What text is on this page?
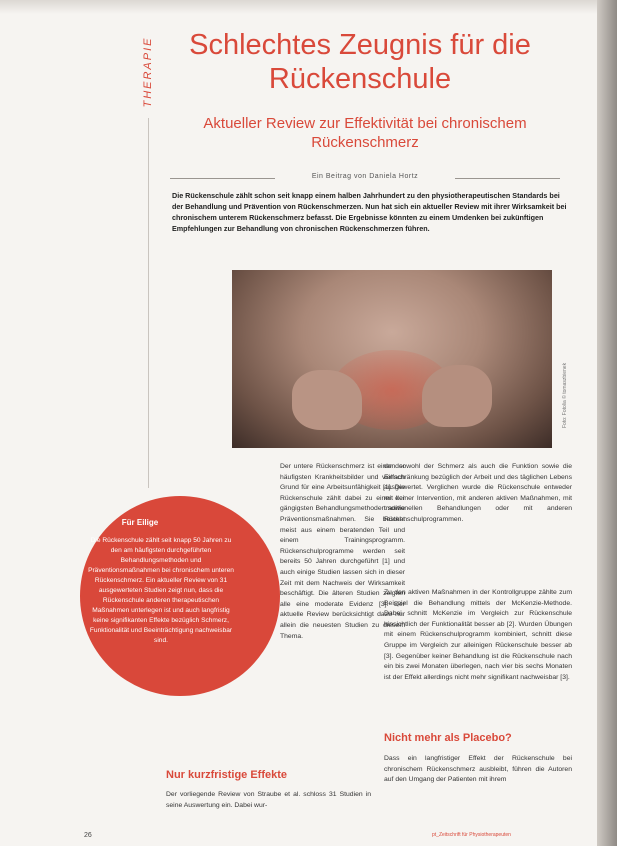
THERAPIE	Schlechtes Zeugnis für die
Rückenschule
Aktueller Review zur Effektivität bei chronischem
Rückenschmerz
Ein Beitrag von Daniela Hortz
Die Rückenschule zählt schon seit knapp einem halben Jahrhundert zu den physiotherapeutischen Standards bei der Behandlung und Prävention von Rückenschmerzen. Nun hat sich ein aktueller Review mit ihrer Wirksamkeit bei chronischem unterem Rückenschmerz befasst. Die Ergebnisse könnten zu einem Umdenken bei zukünftigen Empfehlungen zur Behandlung von chronischen Rückenschmerzen führen.
Foto: Fotolia © tomaszbienek
Für Eilige
Die Rückenschule zählt seit knapp 50 Jahren zu den am häufigsten durchgeführten Behandlungsmethoden und Präventionsmaßnahmen bei chronischem unteren Rückenschmerz. Ein aktueller Review von 31 ausgewerteten Studien zeigt nun, dass die Rückenschule anderen therapeutischen Maßnahmen unterlegen ist und auch langfristig keine signifikanten Effekte bezüglich Schmerz, Funktionalität und Beeinträchtigung nachweisbar sind.
Der untere Rückenschmerz ist einer der häufigsten Krankheitsbilder und vielfach Grund für eine Arbeitsunfähigkeit [1]. Die Rückenschule zählt dabei zu einer der gängigsten Behandlungsmethoden sowie Präventionsmaßnahmen. Sie besteht meist aus einem beratenden Teil und einem Trainingsprogramm. Rückenschulprogramme werden seit bereits 50 Jahren durchgeführt [1] und auch einige Studien lassen sich in dieser Zeit mit dem Nachweis der Wirksamkeit beschäftigt. Die älteren Studien zeigten alle eine moderate Evidenz [3]. Der aktuelle Review berücksichtigt dazu nur allein die neuesten Studien zu diesem Thema.
Nur kurzfristige Effekte
Der vorliegende Review von Straube et al. schloss 31 Studien in seine Auswertung ein. Dabei wur-
den sowohl der Schmerz als auch die Funktion sowie die Einschränkung bezüglich der Arbeit und des täglichen Lebens ausgewertet. Verglichen wurde die Rückenschule entweder mit keiner Intervention, mit anderen aktiven Maßnahmen, mit traditionellen Behandlungen oder mit anderen Rückenschulprogrammen.
Zu den aktiven Maßnahmen in der Kontrollgruppe zählte zum Beispiel die Behandlung mittels der McKenzie-Methode. Dabei schnitt McKenzie im Vergleich zur Rückenschule hinsichtlich der Funktionalität besser ab [2]. Wurden Übungen mit einem Rückenschulprogramm kombiniert, schnitt diese Gruppe im Vergleich zur alleinigen Rückenschule besser ab [3]. Gegenüber keiner Behandlung ist die Rückenschule nach ein bis zwei Monaten überlegen, nach vier bis sechs Monaten ist der Effekt allerdings nicht mehr signifikant nachweisbar [3].
Nicht mehr als Placebo?
Dass ein langfristiger Effekt der Rückenschule bei chronischem Rückenschmerz ausbleibt, führen die Autoren auf den Umgang der Patienten mit ihrem
26	pt_Zeitschrift für Physiotherapeuten
